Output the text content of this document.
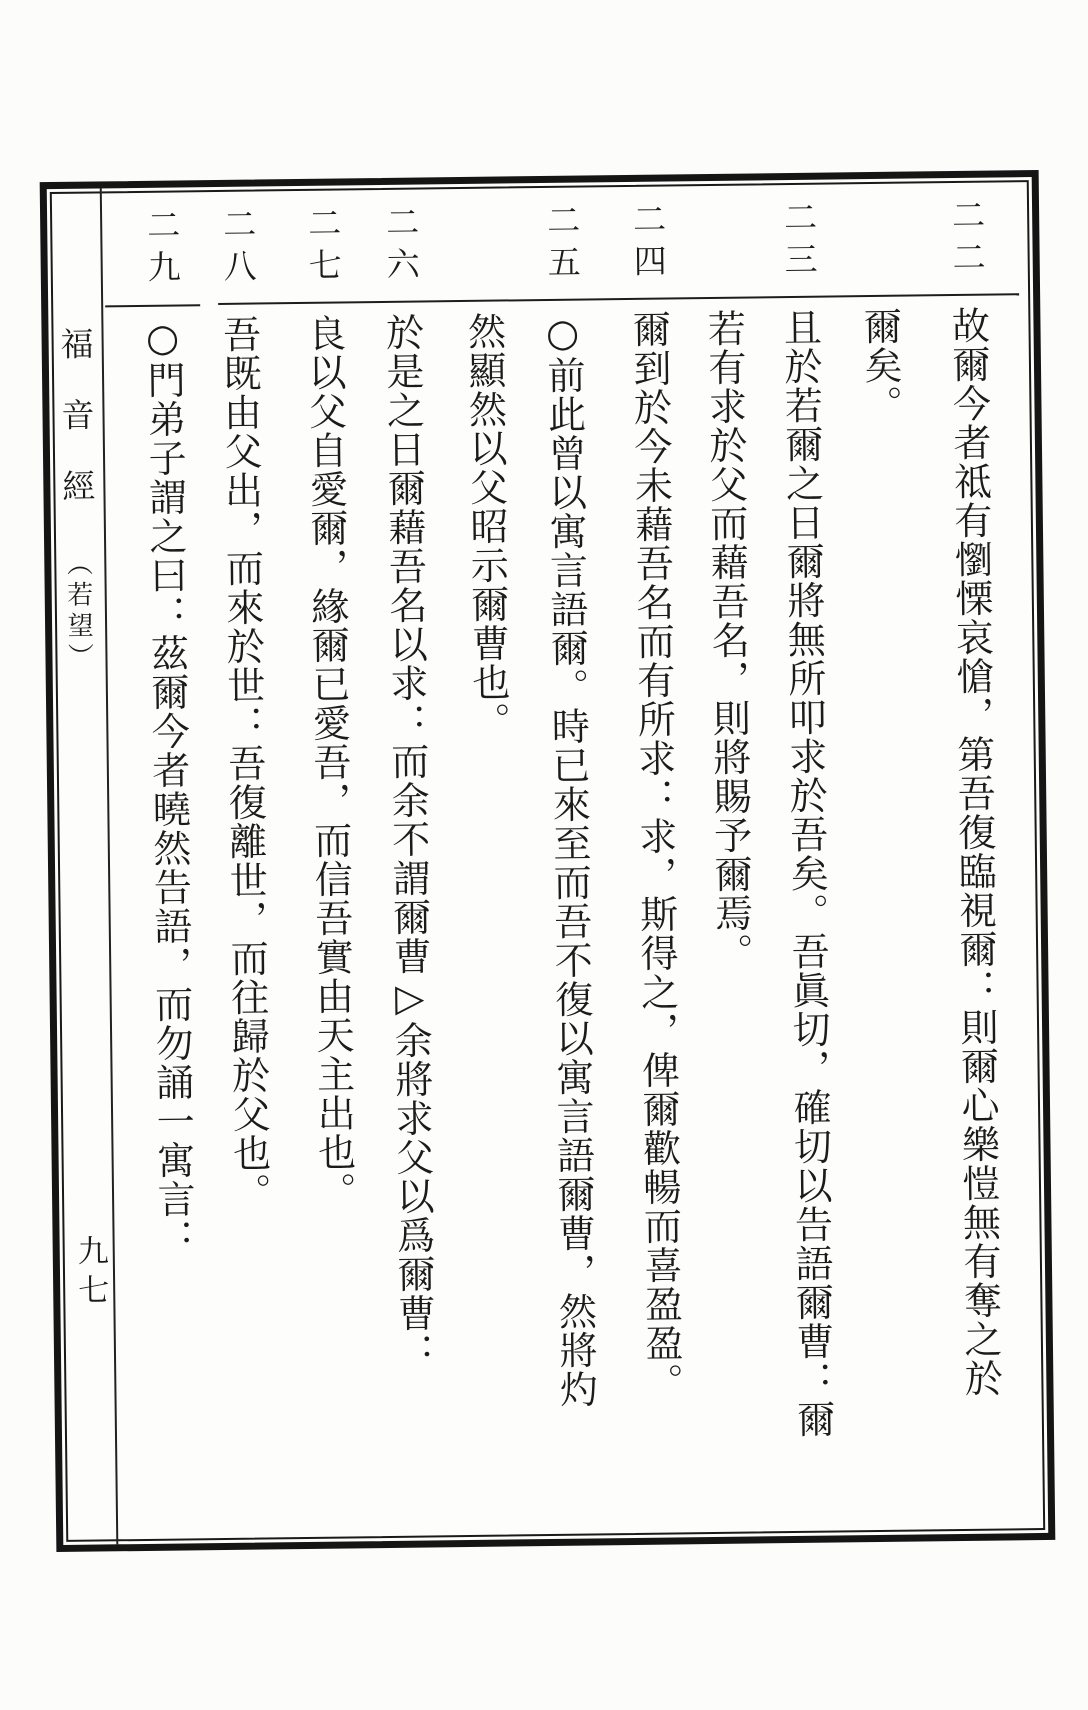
福音經（若望）
九七
二二
二三
二四
二五
二六
二七
二八
二九
故爾今者祗有懰慄哀愴，第吾復臨視爾：則爾心樂愷無有奪之於
爾矣。
且於若爾之日爾將無所叩求於吾矣。吾眞切，確切以告語爾曹：爾
若有求於父而藉吾名，則將賜予爾焉。
爾到於今未藉吾名而有所求：求，斯得之，俾爾歡暢而喜盈盈。
○前此曾以寓言語爾。時已來至而吾不復以寓言語爾曹，然將灼
然顯然以父昭示爾曹也。
於是之日爾藉吾名以求：而余不謂爾曹▷余將求父以爲爾曹：
良以父自愛爾，緣爾已愛吾，而信吾實由天主出也。
吾既由父出，而來於世：吾復離世，而往歸於父也。
○門弟子謂之曰：茲爾今者曉然告語，而勿誦一寓言：
